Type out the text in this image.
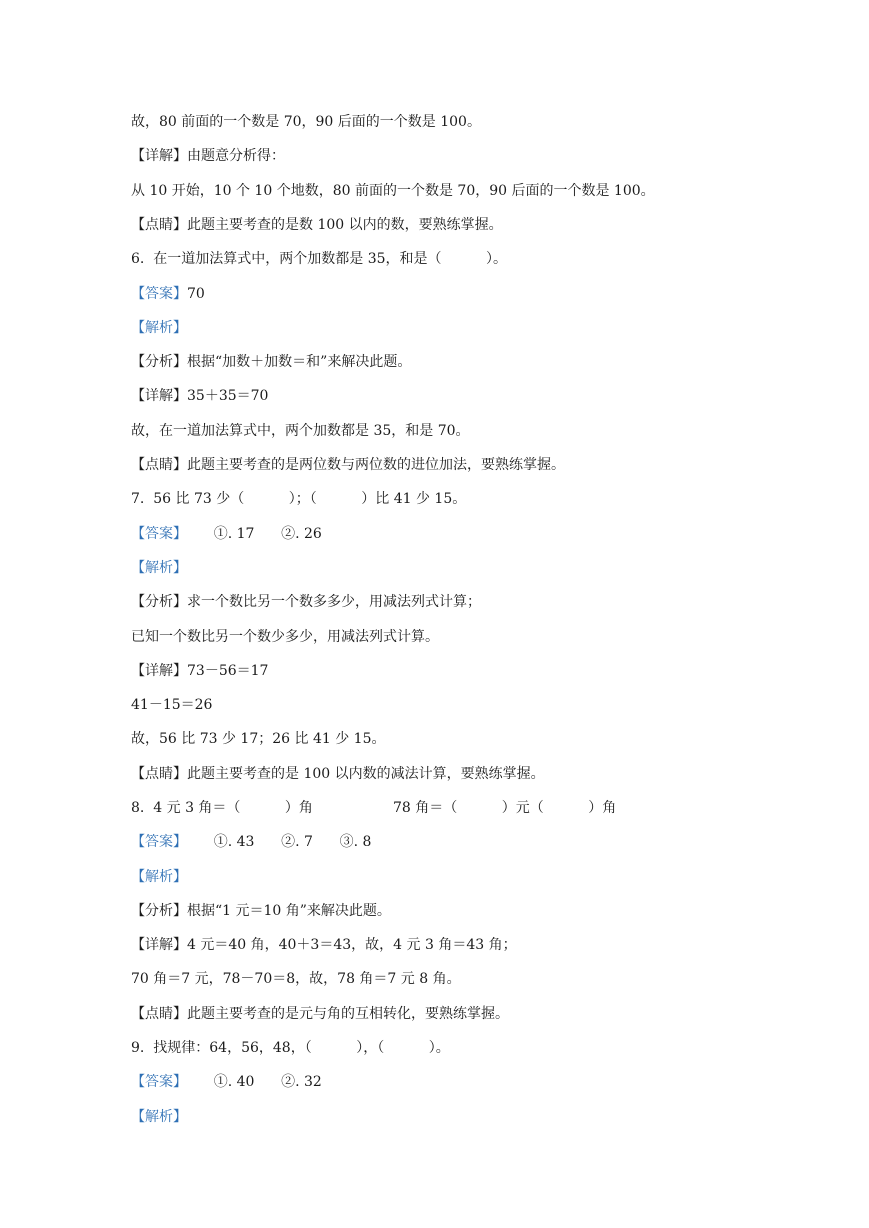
故，80 前面的一个数是 70，90 后面的一个数是 100。
【详解】由题意分析得：
从 10 开始，10 个 10 个地数，80 前面的一个数是 70，90 后面的一个数是 100。
【点睛】此题主要考查的是数 100 以内的数，要熟练掌握。
6.  在一道加法算式中，两个加数都是 35，和是（          ）。
【答案】70
【解析】
【分析】根据“加数＋加数＝和”来解决此题。
【详解】35＋35＝70
故，在一道加法算式中，两个加数都是 35，和是 70。
【点睛】此题主要考查的是两位数与两位数的进位加法，要熟练掌握。
7.  56 比 73 少（          ）；（          ）比 41 少 15。
【答案】      ①. 17      ②. 26
【解析】
【分析】求一个数比另一个数多多少，用减法列式计算；
已知一个数比另一个数少多少，用减法列式计算。
【详解】73－56＝17
41－15＝26
故，56 比 73 少 17；26 比 41 少 15。
【点睛】此题主要考查的是 100 以内数的减法计算，要熟练掌握。
8.  4 元 3 角＝（          ）角                  78 角＝（          ）元（          ）角
【答案】      ①. 43      ②. 7      ③. 8
【解析】
【分析】根据“1 元＝10 角”来解决此题。
【详解】4 元＝40 角，40＋3＝43，故，4 元 3 角＝43 角；
70 角＝7 元，78－70＝8，故，78 角＝7 元 8 角。
【点睛】此题主要考查的是元与角的互相转化，要熟练掌握。
9.  找规律：64，56，48，（          ），（          ）。
【答案】      ①. 40      ②. 32
【解析】
